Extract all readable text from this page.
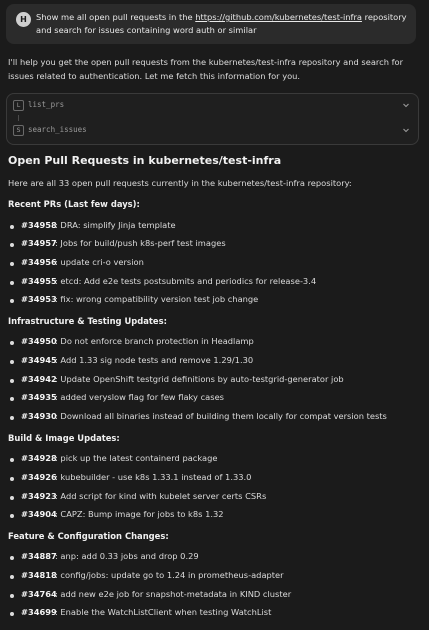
H	Show me all open pull requests in the https://github.com/kubernetes/test-infra repository and search for issues containing word auth or similar
I'll help you get the open pull requests from the kubernetes/test-infra repository and search for issues related to authentication. Let me fetch this information for you.
L	list_prs
S	search_issues
Open Pull Requests in kubernetes/test-infra
Here are all 33 open pull requests currently in the kubernetes/test-infra repository:
Recent PRs (Last few days):
#34958
: DRA: simplify Jinja template
#34957
: Jobs for build/push k8s-perf test images
#34956
: update cri-o version
#34955
: etcd: Add e2e tests postsubmits and periodics for release-3.4
#34953
: fix: wrong compatibility version test job change
Infrastructure & Testing Updates:
#34950
: Do not enforce branch protection in Headlamp
#34945
: Add 1.33 sig node tests and remove 1.29/1.30
#34942
: Update OpenShift testgrid definitions by auto-testgrid-generator job
#34935
: added veryslow flag for few flaky cases
#34930
: Download all binaries instead of building them locally for compat version tests
Build & Image Updates:
#34928
: pick up the latest containerd package
#34926
: kubebuilder - use k8s 1.33.1 instead of 1.33.0
#34923
: Add script for kind with kubelet server certs CSRs
#34904
: CAPZ: Bump image for jobs to k8s 1.32
Feature & Configuration Changes:
#34887
: anp: add 0.33 jobs and drop 0.29
#34818
: config/jobs: update go to 1.24 in prometheus-adapter
#34764
: add new e2e job for snapshot-metadata in KIND cluster
#34699
: Enable the WatchListClient when testing WatchList
